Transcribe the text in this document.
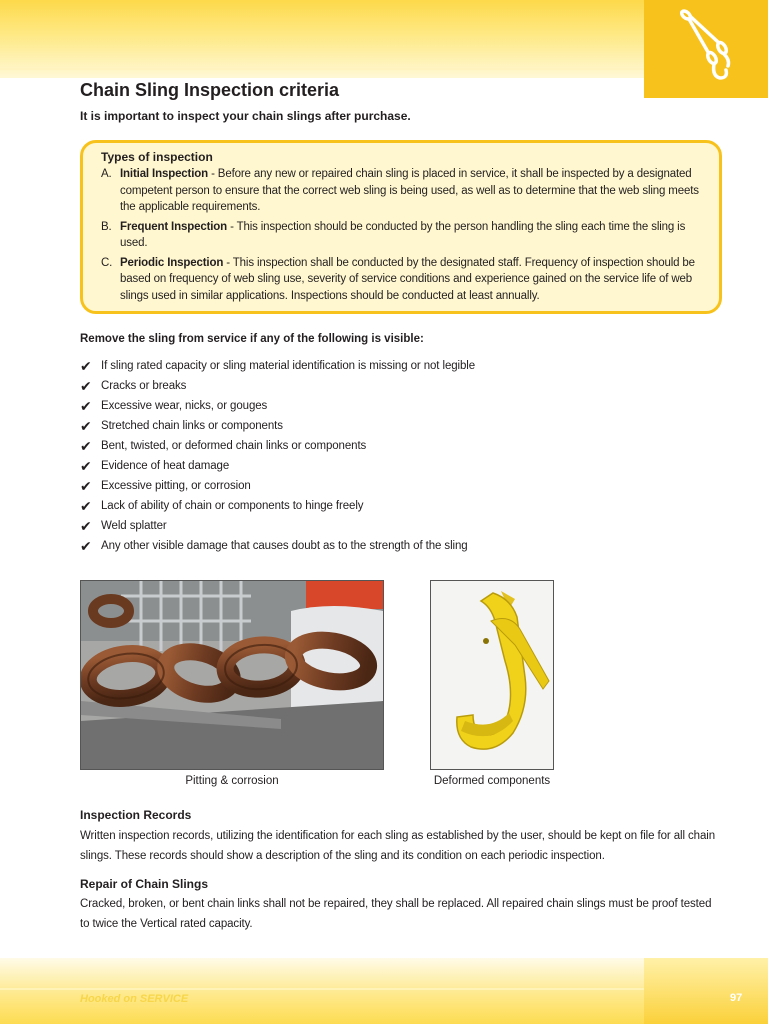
Chain Sling Inspection criteria

It is important to inspect your chain slings after purchase.

Types of inspection

A. Initial Inspection - Before any new or repaired chain sling is placed in service, it shall be inspected by a designated competent person to ensure that the correct web sling is being used, as well as to determine that the web sling meets the applicable requirements.
B. Frequent Inspection - This inspection should be conducted by the person handling the sling each time the sling is used.
C. Periodic Inspection - This inspection shall be conducted by the designated staff. Frequency of inspection should be based on frequency of web sling use, severity of service conditions and experience gained on the service life of web slings used in similar applications. Inspections should be conducted at least annually.

Remove the sling from service if any of the following is visible:

✔ If sling rated capacity or sling material identification is missing or not legible
✔ Cracks or breaks
✔ Excessive wear, nicks, or gouges
✔ Stretched chain links or components
✔ Bent, twisted, or deformed chain links or components
✔ Evidence of heat damage
✔ Excessive pitting, or corrosion
✔ Lack of ability of chain or components to hinge freely
✔ Weld splatter
✔ Any other visible damage that causes doubt as to the strength of the sling
Pitting & corrosion	Deformed components

Inspection Records

Written inspection records, utilizing the identification for each sling as established by the user, should be kept on file for all chain slings. These records should show a description of the sling and its condition on each periodic inspection.

Repair of Chain Slings

Cracked, broken, or bent chain links shall not be repaired, they shall be replaced. All repaired chain slings must be proof tested to twice the Vertical rated capacity.

Hooked on SERVICE	97
